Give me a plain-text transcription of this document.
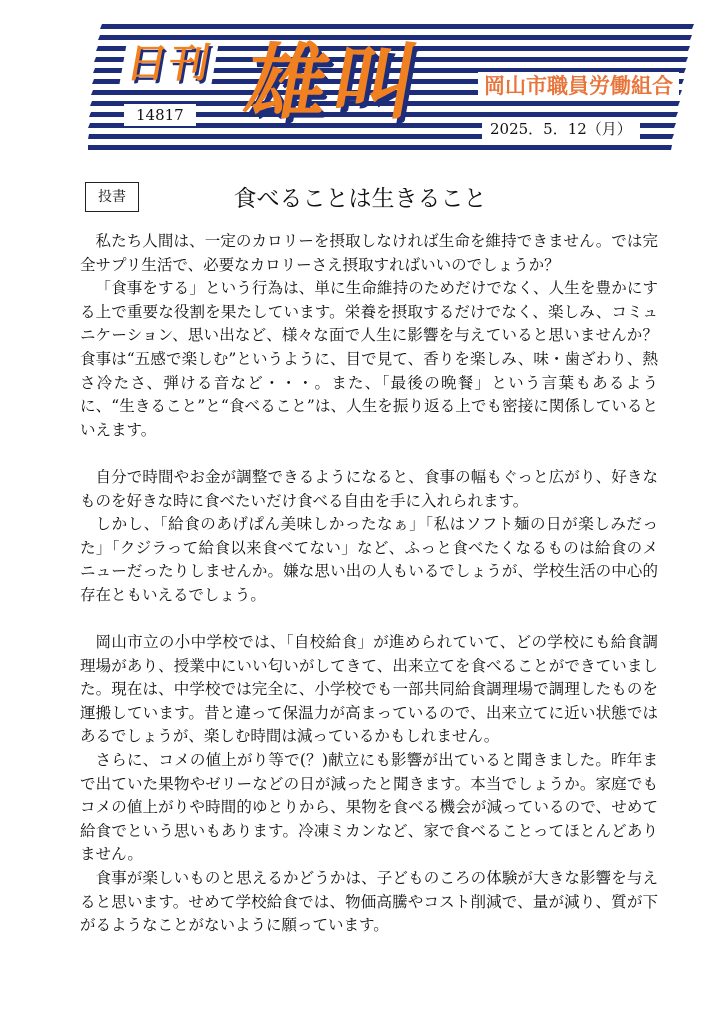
日刊 雄叫	岡山市職員労働組合
14817
2025．5．12（月）
投書	食べることは生きること

私たち人間は、一定のカロリーを摂取しなければ生命を維持できません。では完全サプリ生活で、必要なカロリーさえ摂取すればいいのでしょうか？

「食事をする」という行為は、単に生命維持のためだけでなく、人生を豊かにする上で重要な役割を果たしています。栄養を摂取するだけでなく、楽しみ、コミュニケーション、思い出など、様々な面で人生に影響を与えていると思いませんか？食事は“五感で楽しむ”というように、目で見て、香りを楽しみ、味・歯ざわり、熱さ冷たさ、弾ける音など・・・。また、「最後の晩餐」という言葉もあるように、“生きること”と“食べること”は、人生を振り返る上でも密接に関係しているといえます。

自分で時間やお金が調整できるようになると、食事の幅もぐっと広がり、好きなものを好きな時に食べたいだけ食べる自由を手に入れられます。

しかし、「給食のあげぱん美味しかったなぁ」「私はソフト麺の日が楽しみだった」「クジラって給食以来食べてない」など、ふっと食べたくなるものは給食のメニューだったりしませんか。嫌な思い出の人もいるでしょうが、学校生活の中心的存在ともいえるでしょう。

岡山市立の小中学校では、「自校給食」が進められていて、どの学校にも給食調理場があり、授業中にいい匂いがしてきて、出来立てを食べることができていました。現在は、中学校では完全に、小学校でも一部共同給食調理場で調理したものを運搬しています。昔と違って保温力が高まっているので、出来立てに近い状態ではあるでしょうが、楽しむ時間は減っているかもしれません。

さらに、コメの値上がり等で(？)献立にも影響が出ていると聞きました。昨年まで出ていた果物やゼリーなどの日が減ったと聞きます。本当でしょうか。家庭でもコメの値上がりや時間的ゆとりから、果物を食べる機会が減っているので、せめて給食でという思いもあります。冷凍ミカンなど、家で食べることってほとんどありません。

食事が楽しいものと思えるかどうかは、子どものころの体験が大きな影響を与えると思います。せめて学校給食では、物価高騰やコスト削減で、量が減り、質が下がるようなことがないように願っています。
